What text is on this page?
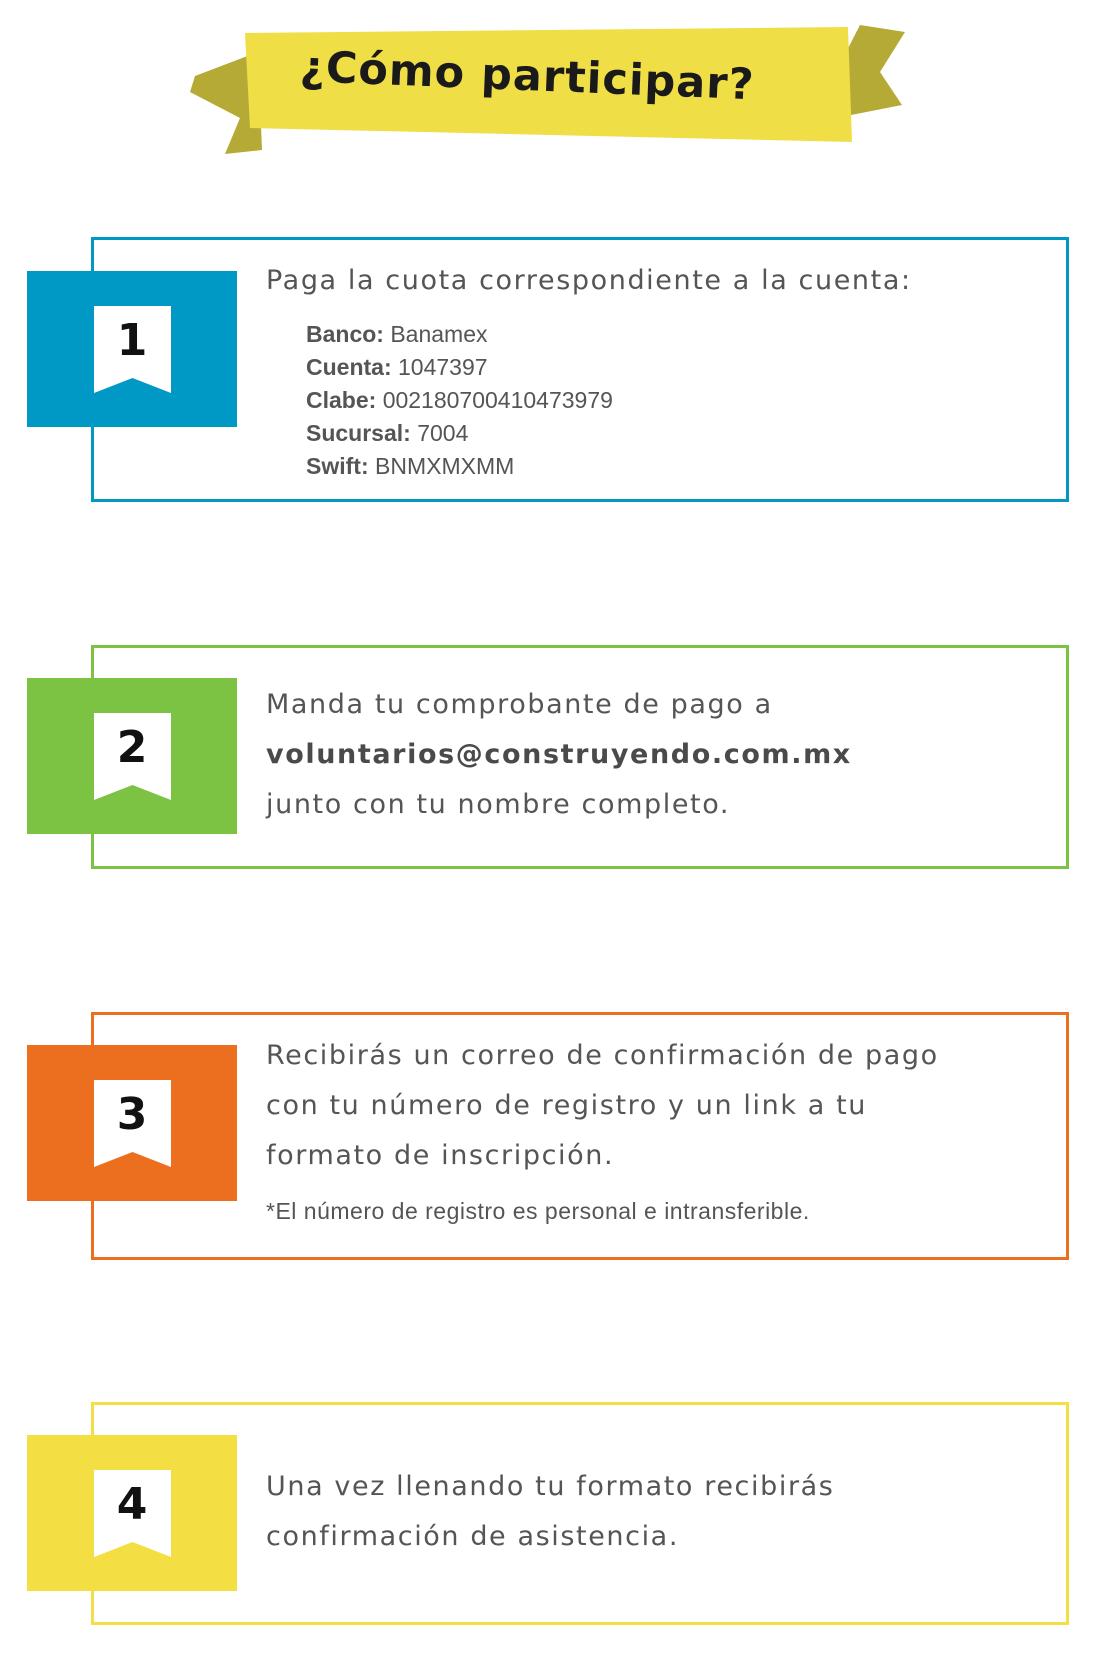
¿Cómo participar?
1
Paga la cuota correspondiente a la cuenta:
Banco: Banamex
Cuenta: 1047397
Clabe: 002180700410473979
Sucursal: 7004
Swift: BNMXMXMM
2
Manda tu comprobante de pago a
voluntarios@construyendo.com.mx
junto con tu nombre completo.
3
Recibirás un correo de confirmación de pago
con tu número de registro y un link a tu
formato de inscripción.
*El número de registro es personal e intransferible.
4	Una vez llenando tu formato recibirás
confirmación de asistencia.
